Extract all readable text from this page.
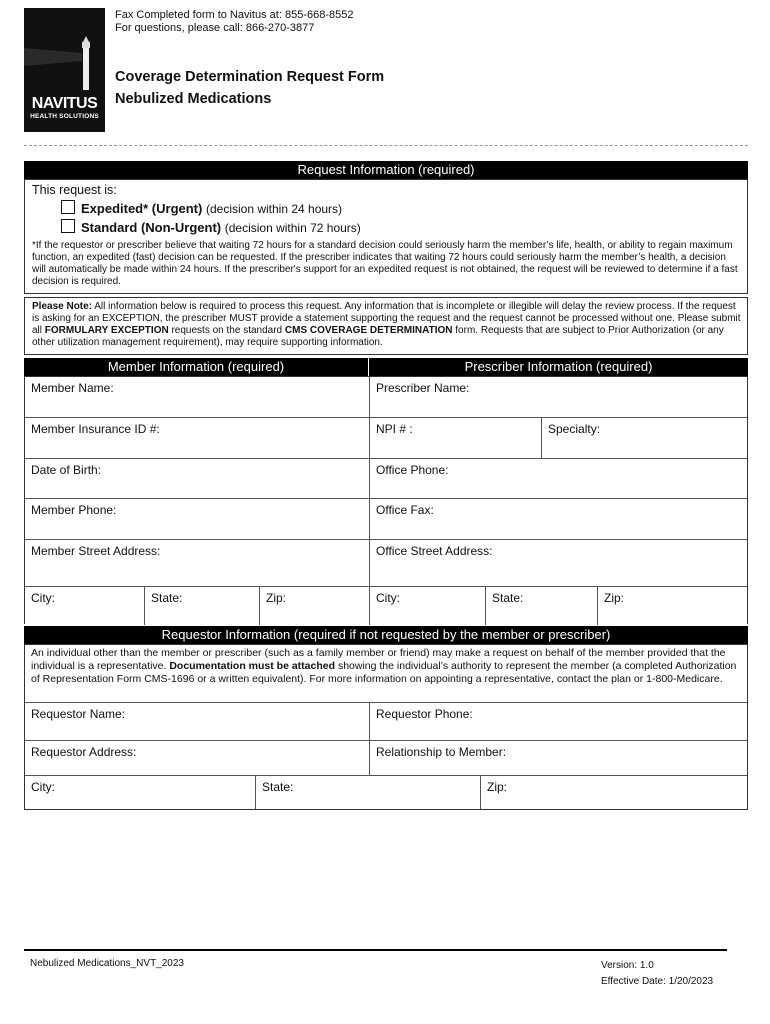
NAVITUS
HEALTH SOLUTIONS
Fax Completed form to Navitus at: 855-668-8552
For questions, please call: 866-270-3877
Coverage Determination Request Form
Nebulized Medications
Request Information (required)
This request is:
Expedited* (Urgent) (decision within 24 hours)
Standard (Non-Urgent) (decision within 72 hours)
*If the requestor or prescriber believe that waiting 72 hours for a standard decision could seriously harm the member’s life, health, or ability to regain maximum function, an expedited (fast) decision can be requested. If the prescriber indicates that waiting 72 hours could seriously harm the member’s health, a decision will automatically be made within 24 hours. If the prescriber's support for an expedited request is not obtained, the request will be reviewed to determine if a fast decision is required.
Please Note: All information below is required to process this request. Any information that is incomplete or illegible will delay the review process. If the request is asking for an EXCEPTION, the prescriber MUST provide a statement supporting the request and the request cannot be processed without one. Please submit all FORMULARY EXCEPTION requests on the standard CMS COVERAGE DETERMINATION form. Requests that are subject to Prior Authorization (or any other utilization management requirement), may require supporting information.
Member Information (required)	Prescriber Information (required)
Member Name:	Prescriber Name:
Member Insurance ID #:	NPI # :	Specialty:
Date of Birth:	Office Phone:
Member Phone:	Office Fax:
Member Street Address:	Office Street Address:
City:	State:	Zip:	City:	State:	Zip:
Requestor Information (required if not requested by the member or prescriber)
An individual other than the member or prescriber (such as a family member or friend) may make a request on behalf of the member provided that the individual is a representative. Documentation must be attached showing the individual’s authority to represent the member (a completed Authorization of Representation Form CMS-1696 or a written equivalent). For more information on appointing a representative, contact the plan or 1-800-Medicare.
Requestor Name:	Requestor Phone:
Requestor Address:	Relationship to Member:
City:	State:	Zip:
Nebulized Medications_NVT_2023	Version: 1.0
Effective Date: 1/20/2023
